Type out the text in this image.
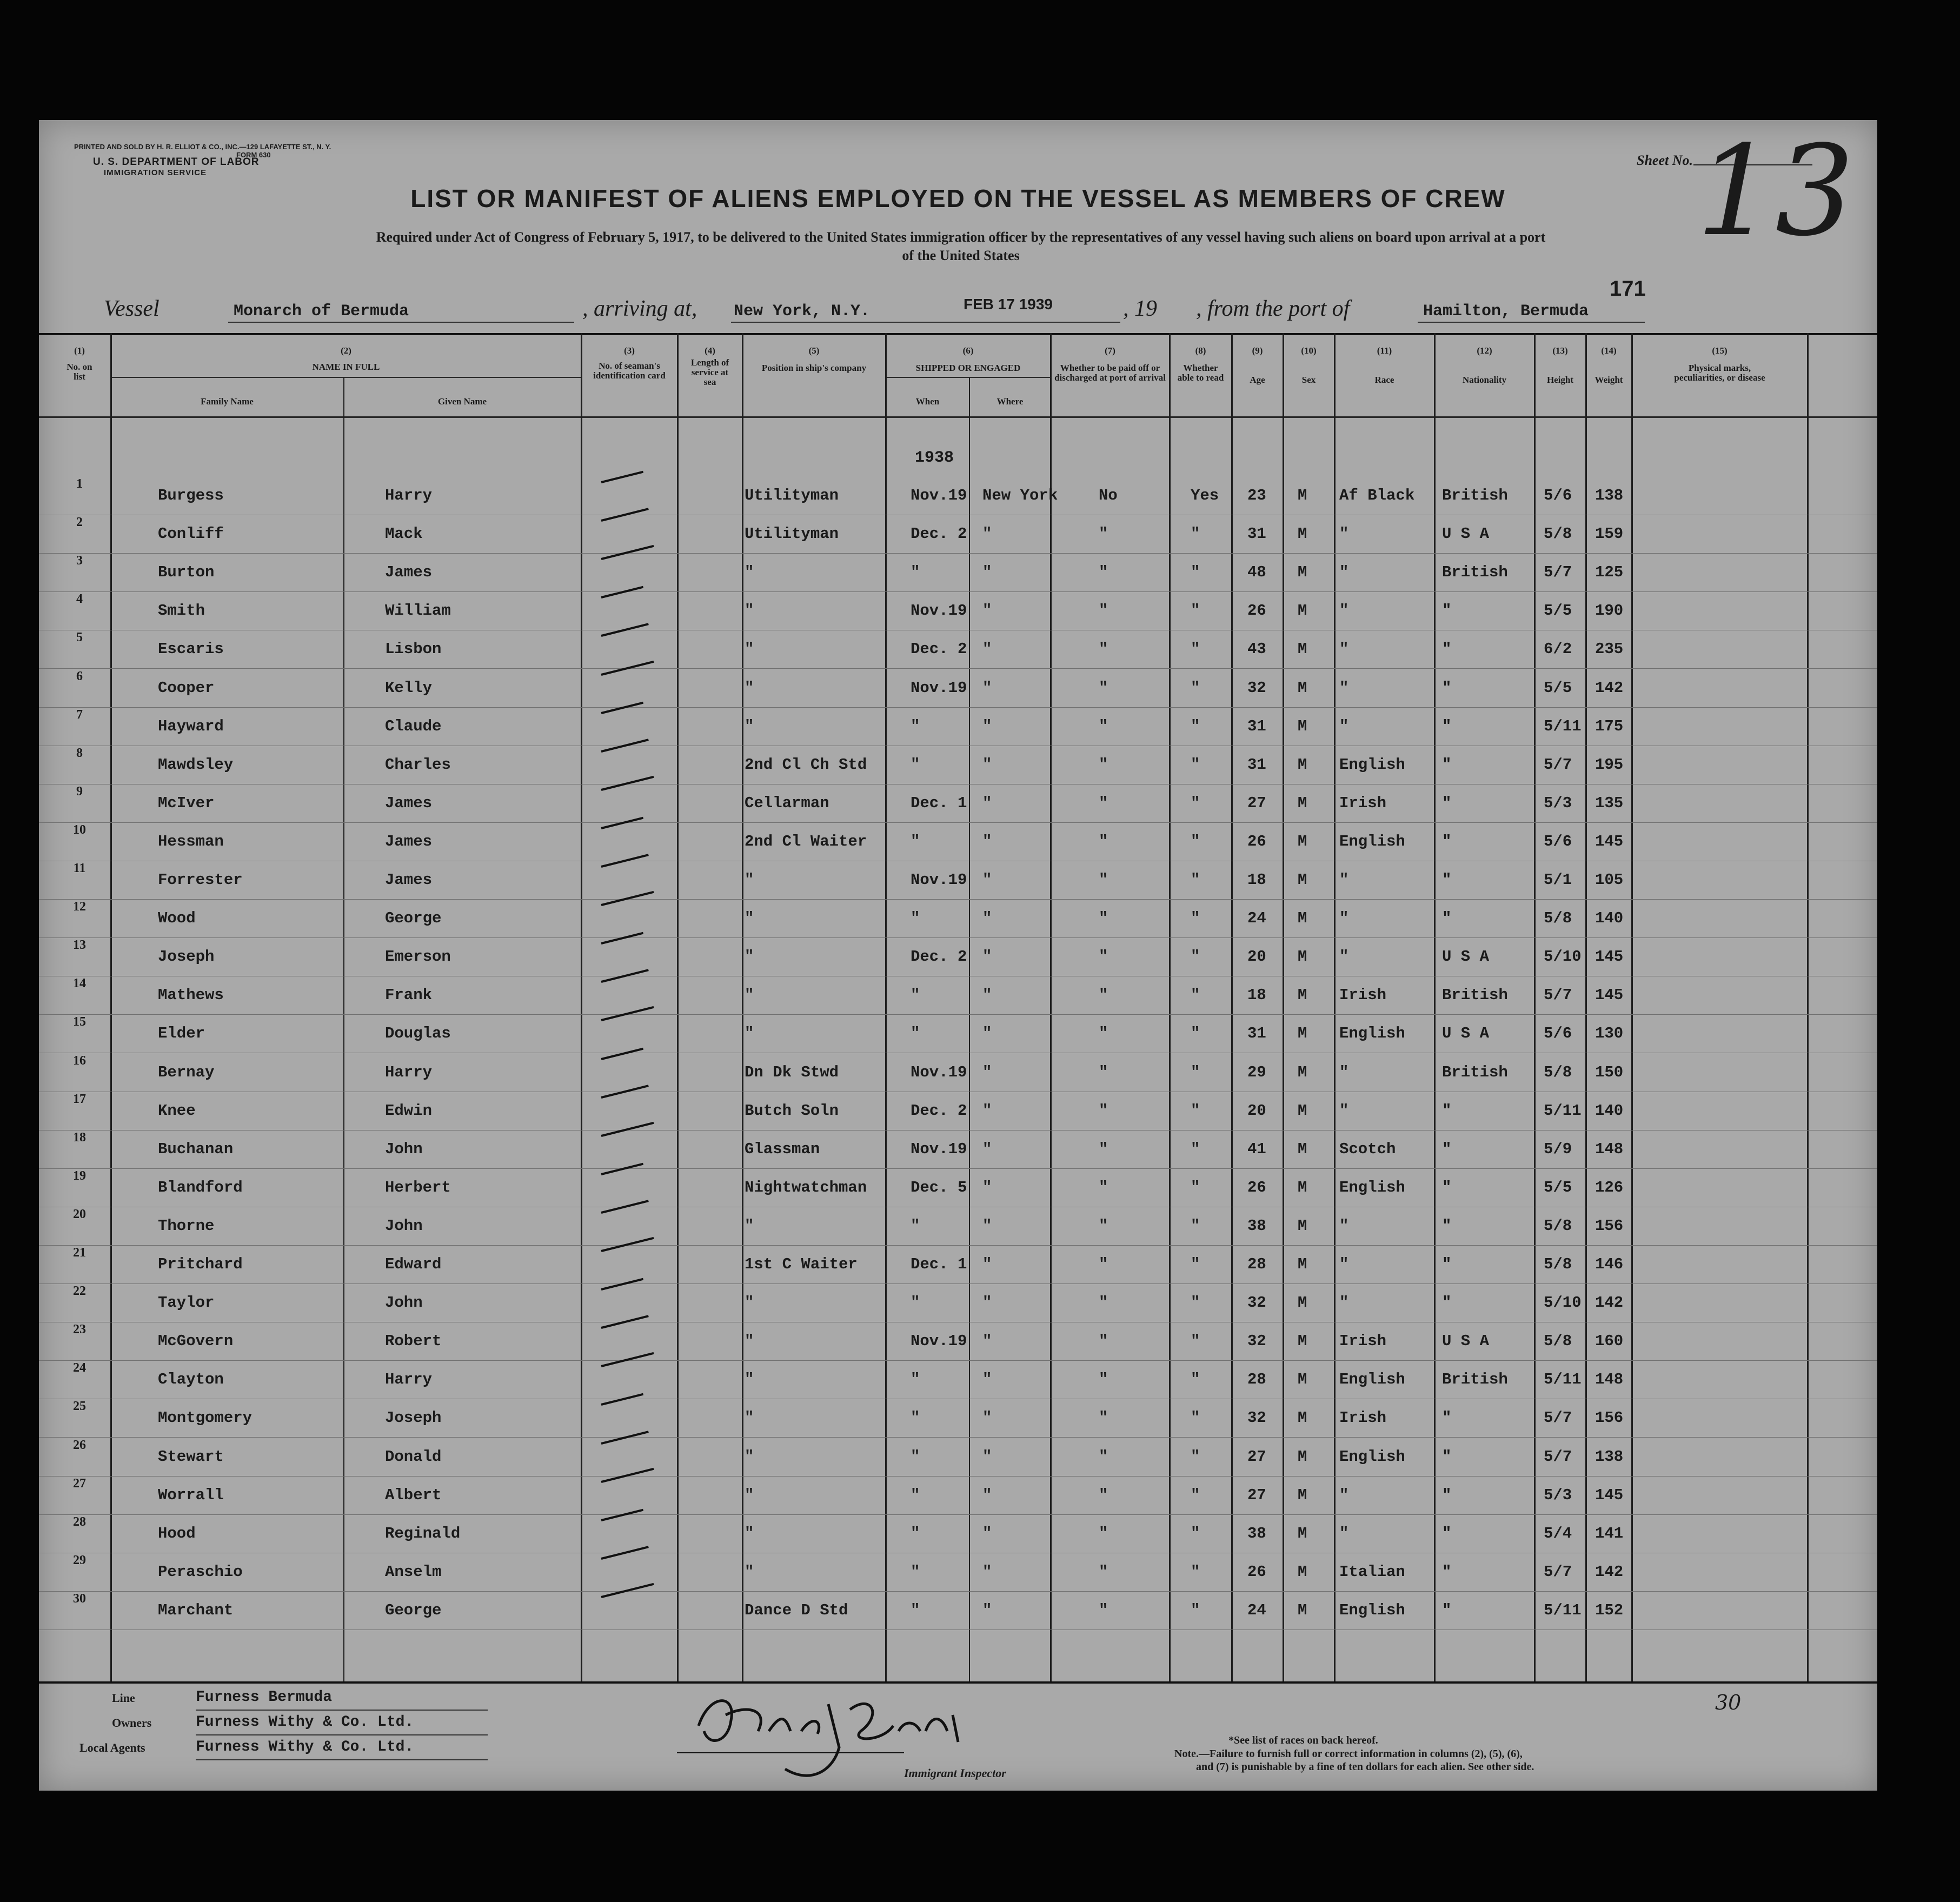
PRINTED AND SOLD BY H. R. ELLIOT & CO., INC.—129 LAFAYETTE ST., N. Y.
FORM 630
U. S. DEPARTMENT OF LABOR
IMMIGRATION SERVICE
Sheet No. 13
LIST OR MANIFEST OF ALIENS EMPLOYED ON THE VESSEL AS MEMBERS OF CREW
Required under Act of Congress of February 5, 1917, to be delivered to the United States immigration officer by the representatives of any vessel having such aliens on board upon arrival at a port
of the United States
171
Vessel	Monarch of Bermuda	, arriving at, New York, N.Y.	FEB 17 1939	, 19 , from the port of	Hamilton, Bermuda
(1)
No. on list
(2)
NAME IN FULL
Family Name	Given Name
(3)
No. of seaman's identification card
(4)
Length of service at sea
(5)
Position in ship's company
(6)
SHIPPED OR ENGAGED
When	Where
(7)
Whether to be paid off or discharged at port of arrival
(8)
Whether able to read
(9)
Age
(10)
Sex
(11)
Race
(12)
Nationality
(13)
Height
(14)
Weight
(15)
Physical marks, peculiarities, or disease
1938
1
Burgess	Harry	Utilityman	Nov.19 New York	No	Yes 23 M Af Black British 5/6 138
2
Conliff	Mack	Utilityman	Dec. 2 "	"	"	31 M "	U S A	5/8 159
3
Burton	James	"	"	"	"	"	48 M "	British 5/7 125
4
Smith	William	"	Nov.19 "	"	"	26 M "	"	5/5 190
5
Escaris	Lisbon	"	Dec. 2 "	"	"	43 M "	"	6/2 235
6
Cooper	Kelly	"	Nov.19 "	"	"	32 M "	"	5/5 142
7
Hayward	Claude	"	"	"	"	"	31 M "	"	5/11 175
8
Mawdsley	Charles	2nd Cl Ch Std	"	"	"	"	31 M English "	5/7 195
9
McIver	James	Cellarman	Dec. 1 "	"	"	27 M Irish	"	5/3 135
10
Hessman	James	2nd Cl Waiter	"	"	"	"	26 M English "	5/6 145
11
Forrester	James	"	Nov.19 "	"	"	18 M "	"	5/1 105
12
Wood	George	"	"	"	"	"	24 M "	"	5/8 140
13
Joseph	Emerson	"	Dec. 2 "	"	"	20 M "	U S A	5/10 145
14
Mathews	Frank	"	"	"	"	"	18 M Irish	British 5/7 145
15
Elder	Douglas	"	"	"	"	"	31 M English U S A	5/6 130
16
Bernay	Harry	Dn Dk Stwd	Nov.19 "	"	"	29 M "	British 5/8 150
17
Knee	Edwin	Butch Soln	Dec. 2 "	"	"	20 M "	"	5/11 140
18
Buchanan	John	Glassman	Nov.19 "	"	"	41 M Scotch	"	5/9 148
19
Blandford	Herbert	Nightwatchman	Dec. 5 "	"	"	26 M English "	5/5 126
20
Thorne	John	"	"	"	"	"	38 M "	"	5/8 156
21
Pritchard	Edward	1st C Waiter	Dec. 1 "	"	"	28 M "	"	5/8 146
22
Taylor	John	"	"	"	"	"	32 M "	"	5/10 142
23
McGovern	Robert	"	Nov.19 "	"	"	32 M Irish	U S A	5/8 160
24
Clayton	Harry	"	"	"	"	"	28 M English British 5/11 148
25
Montgomery	Joseph	"	"	"	"	"	32 M Irish	"	5/7 156
26
Stewart	Donald	"	"	"	"	"	27 M English "	5/7 138
27
Worrall	Albert	"	"	"	"	"	27 M "	"	5/3 145
28
Hood	Reginald	"	"	"	"	"	38 M "	"	5/4 141
29
Peraschio	Anselm	"	"	"	"	"	26 M Italian "	5/7 142
30
Marchant	George	Dance D Std	"	"	"	"	24 M English "	5/11 152
Line	Furness Bermuda
Owners	Furness Withy & Co. Ltd.
Local Agents	Furness Withy & Co. Ltd.
Immigrant Inspector
30
*See list of races on back hereof.
Note.—Failure to furnish full or correct information in columns (2), (5), (6),
and (7) is punishable by a fine of ten dollars for each alien. See other side.
